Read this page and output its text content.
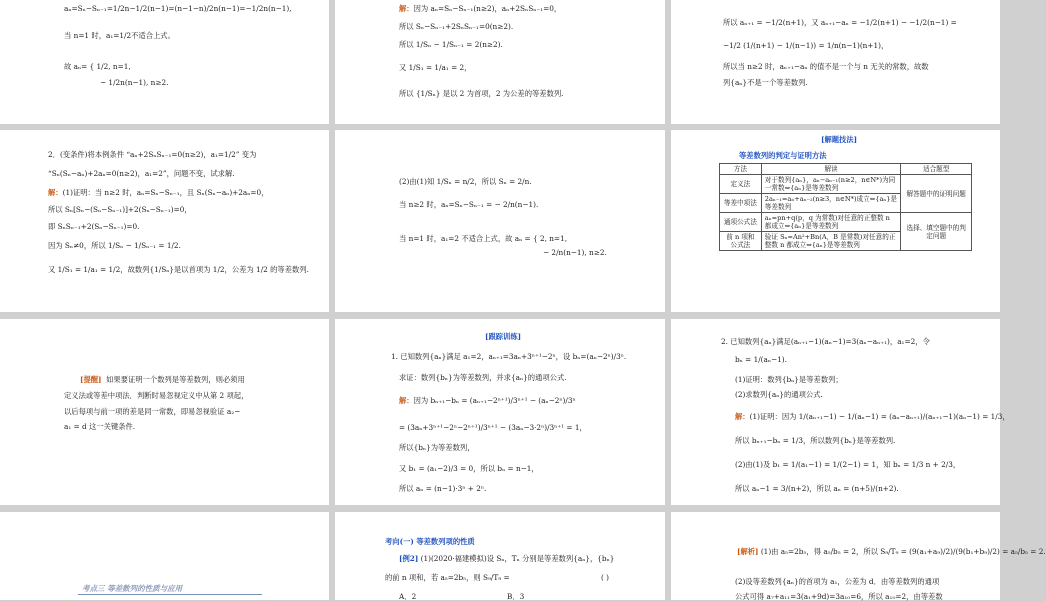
aₙ=Sₙ−Sₙ₋₁=1/2n−1/2(n−1)=(n−1−n)/2n(n−1)=−1/2n(n−1),
当 n=1 时，a₁=1/2不适合上式。
故 aₙ= { 1/2, n=1,
− 1/2n(n−1), n≥2.
解：因为 aₙ=Sₙ−Sₙ₋₁(n≥2)，aₙ+2SₙSₙ₋₁=0，
所以 Sₙ−Sₙ₋₁+2SₙSₙ₋₁=0(n≥2).
所以 1/Sₙ − 1/Sₙ₋₁ = 2(n≥2).
又 1/S₁ = 1/a₁ = 2，
所以 {1/Sₙ} 是以 2 为首项，2 为公差的等差数列.
所以 aₙ₊₁ = −1/2(n+1)，又 aₙ₊₁−aₙ = −1/2(n+1) − −1/2(n−1) =
−1/2 (1/(n+1) − 1/(n−1)) = 1/n(n−1)(n+1)，
所以当 n≥2 时，aₙ₊₁−aₙ 的值不是一个与 n 无关的常数，故数
列{aₙ}不是一个等差数列.
2．(变条件)将本例条件 “aₙ+2SₙSₙ₋₁=0(n≥2)，a₁=1/2” 变为
“Sₙ(Sₙ−aₙ)+2aₙ=0(n≥2)，a₁=2”，问题不变，试求解.
解：(1)证明：当 n≥2 时，aₙ=Sₙ−Sₙ₋₁，且 Sₙ(Sₙ−aₙ)+2aₙ=0，
所以 Sₙ[Sₙ−(Sₙ−Sₙ₋₁)]+2(Sₙ−Sₙ₋₁)=0，
即 SₙSₙ₋₁+2(Sₙ−Sₙ₋₁)=0.
因为 Sₙ≠0，所以 1/Sₙ − 1/Sₙ₋₁ = 1/2.
又 1/S₁ = 1/a₁ = 1/2，故数列{1/Sₙ}是以首项为 1/2，公差为 1/2 的等差数列.
(2)由(1)知 1/Sₙ = n/2，所以 Sₙ = 2/n.
当 n≥2 时，aₙ=Sₙ−Sₙ₋₁ = − 2/n(n−1).
当 n=1 时，a₁=2 不适合上式，故 aₙ = { 2, n=1,
− 2/n(n−1), n≥2.
[解题技法]
等差数列的判定与证明方法
方法	解读	适合题型
定义法	对于数列{aₙ}，aₙ−aₙ₋₁(n≥2，n∈N*)为同一常数⇔{aₙ}是等差数列	解答题中的证明问题
等差中项法	2aₙ₋₁=aₙ+aₙ₋₂(n≥3，n∈N*)成立⇔{aₙ}是等差数列	
通项公式法	aₙ=pn+q(p，q 为常数)对任意的正整数 n 都成立⇔{aₙ}是等差数列	选择、填空题中的判定问题
前 n 项和公式法	验证 Sₙ=An²+Bn(A，B 是常数)对任意的正整数 n 都成立⇔{aₙ}是等差数列	
[提醒] 如果要证明一个数列是等差数列，则必须用
定义法或等差中项法．判断时易忽视定义中从第 2 项起，
以后每项与前一项的差是同一常数，即易忽视验证 a₂−
a₁ = d 这一关键条件.
[跟踪训练]
1. 已知数列{aₙ}满足 a₁=2，aₙ₊₁=3aₙ+3ⁿ⁺¹−2ⁿ，设 bₙ=(aₙ−2ⁿ)/3ⁿ.
求证：数列{bₙ}为等差数列，并求{aₙ}的通项公式.
解：因为 bₙ₊₁−bₙ = (aₙ₊₁−2ⁿ⁺¹)/3ⁿ⁺¹ − (aₙ−2ⁿ)/3ⁿ
= (3aₙ+3ⁿ⁺¹−2ⁿ−2ⁿ⁺¹)/3ⁿ⁺¹ − (3aₙ−3·2ⁿ)/3ⁿ⁺¹ = 1，
所以{bₙ}为等差数列，
又 b₁ = (a₁−2)/3 = 0，所以 bₙ = n−1，
所以 aₙ = (n−1)·3ⁿ + 2ⁿ.
2. 已知数列{aₙ}满足(aₙ₊₁−1)(aₙ−1)=3(aₙ−aₙ₊₁)，a₁=2，令
bₙ = 1/(aₙ−1).
(1)证明：数列{bₙ}是等差数列；
(2)求数列{aₙ}的通项公式.
解：(1)证明：因为 1/(aₙ₊₁−1) − 1/(aₙ−1) = (aₙ−aₙ₊₁)/(aₙ₊₁−1)(aₙ−1) = 1/3，
所以 bₙ₊₁−bₙ = 1/3，所以数列{bₙ}是等差数列.
(2)由(1)及 b₁ = 1/(a₁−1) = 1/(2−1) = 1，知 bₙ = 1/3 n + 2/3，
所以 aₙ−1 = 3/(n+2)，所以 aₙ = (n+5)/(n+2).
考点三 等差数列的性质与应用
考向(一) 等差数列项的性质
[例2] (1)(2020·福建模拟)设 Sₙ，Tₙ 分别是等差数列{aₙ}，{bₙ}
的前 n 项和，若 a₅=2b₅，则 S₉/T₉ =	( )
A．2	B．3
[解析] (1)由 a₅=2b₅，得 a₅/b₅ = 2，所以 S₉/T₉ = (9(a₁+a₉)/2)/(9(b₁+b₉)/2) = a₅/b₅ = 2.
(2)设等差数列{aₙ}的首项为 a₁，公差为 d．由等差数列的通项
公式可得 a₇+a₁₁=3(a₁+9d)=3a₁₀=6，所以 a₁₀=2，由等差数
